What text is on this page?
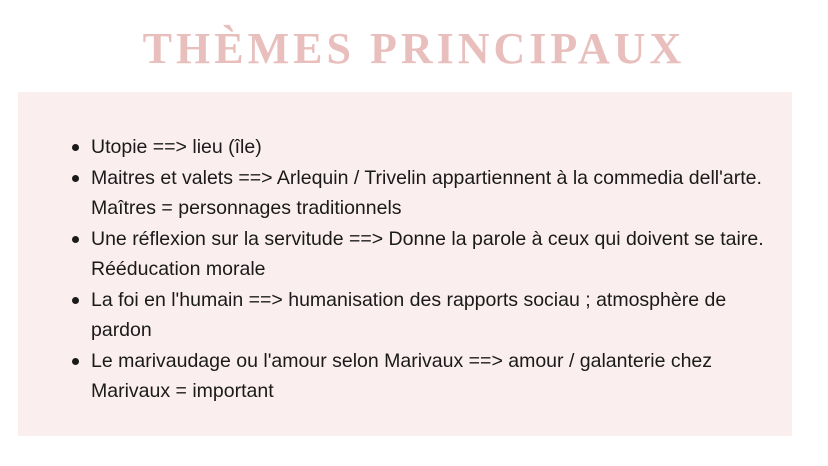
THÈMES PRINCIPAUX
Utopie ==> lieu (île)
Maitres et valets ==> Arlequin / Trivelin appartiennent à la commedia dell'arte. Maîtres = personnages traditionnels
Une réflexion sur la servitude ==> Donne la parole à ceux qui doivent se taire. Rééducation morale
La foi en l'humain ==> humanisation des rapports sociau ; atmosphère de pardon
Le marivaudage ou l'amour selon Marivaux ==> amour / galanterie chez Marivaux = important
